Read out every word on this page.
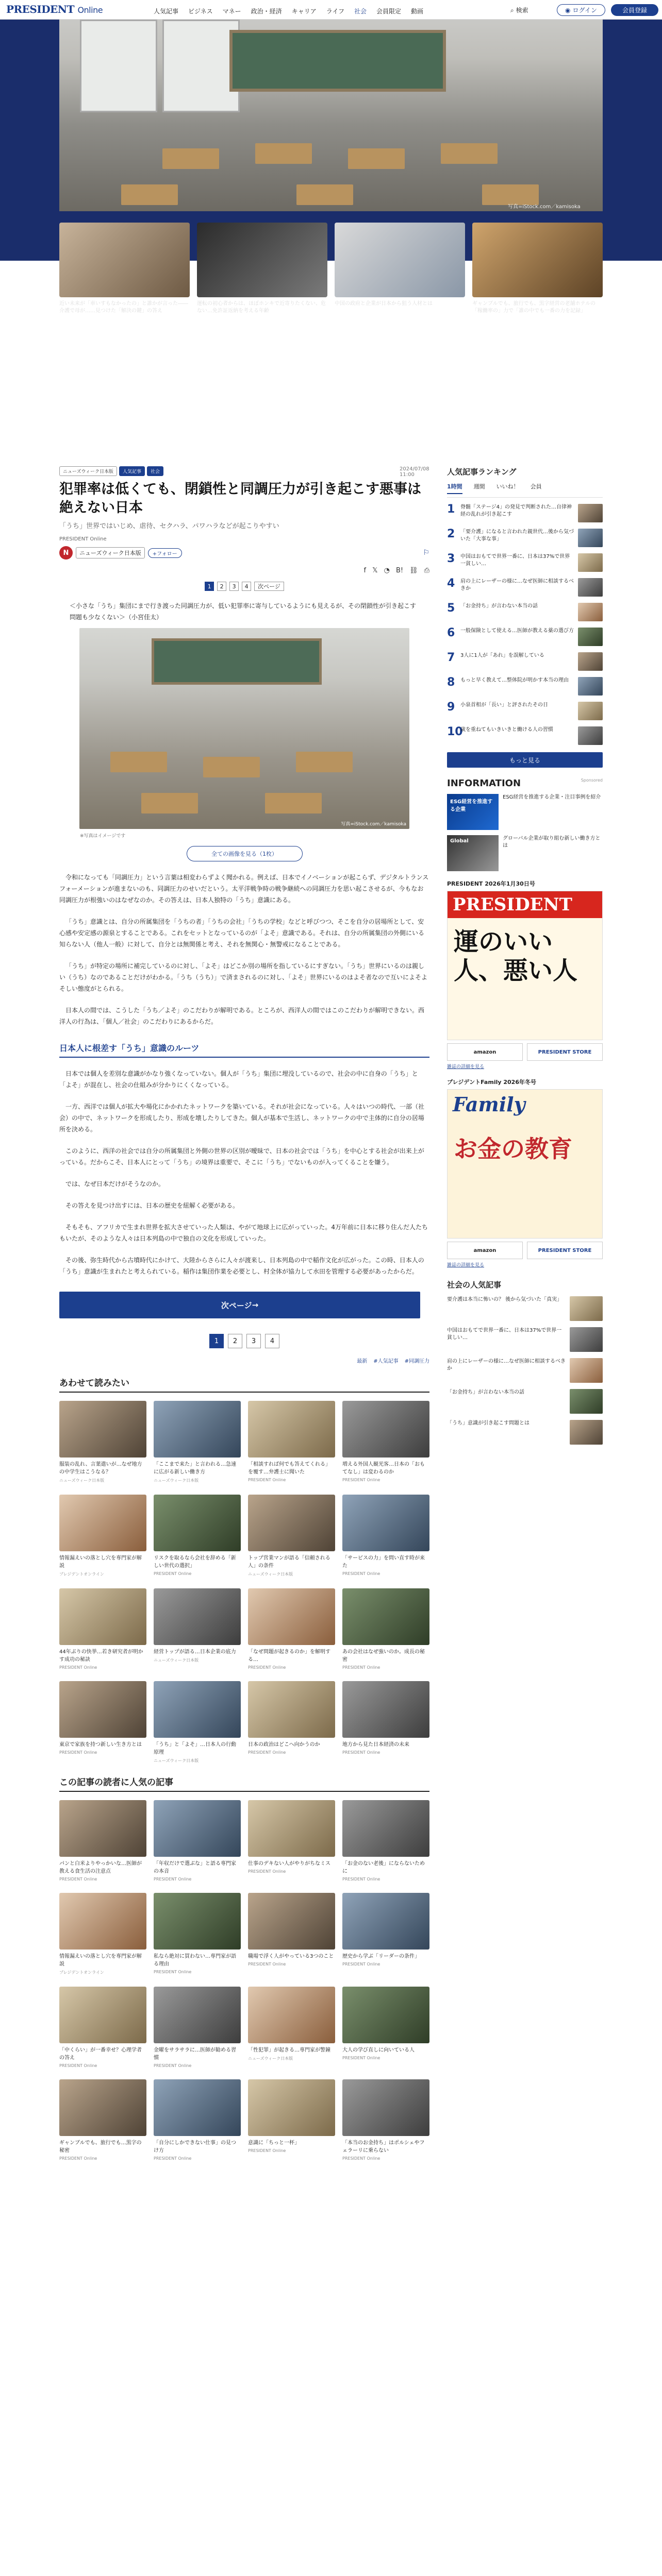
PRESIDENT Online	人気記事 ビジネス マネー 政治・経済 キャリア ライフ 社会 会員限定 動画	⌕ 検索	◉ ログイン	会員登録
写真=iStock.com／kamisoka

近い未来が「車いすもなかったの」と誰かが言った――介護で母が……見つけた「解決の鍵」の答え

運転の初心者からは、ほぼホンキで近寄りたくない、危ない…免許証返納を考える年齢

中国の政府と企業が日本から狙う人材とは	ギャンブルでも、旅行でも、黒字経営の老舗ホテルの「稼働率の」力で「誰の中でも一番の力を記録」

ニューズウィーク日本版	人気記事	社会	2024/07/08 11:00
犯罪率は低くても、閉鎖性と同調圧力が引き起こす悪事は絶えない日本
「うち」世界ではいじめ、虐待、セクハラ、パワハラなどが起こりやすい
PRESIDENT Online
N	ニューズウィーク日本版	+フォロー	⚐
f 𝕏 ◔ B! ⛓ ⎙
1	2	3	4	次ページ

＜小さな「うち」集団にまで行き渡った同調圧力が、低い犯罪率に寄与しているようにも見えるが、その閉鎖性が引き起こす問題も少なくない＞（小宮佳太）

写真=iStock.com／kamisoka
※写真はイメージです
全ての画像を見る（1枚）

令和になっても「同調圧力」という言葉は相変わらずよく聞かれる。例えば、日本でイノベーションが起こらず、デジタルトランスフォーメーションが進まないのも、同調圧力のせいだという。太平洋戦争時の戦争継続への同調圧力を思い起こさせるが、今もなお同調圧力が根強いのはなぜなのか。その答えは、日本人独特の「うち」意識にある。

「うち」意識とは、自分の所属集団を「うちの者」「うちの会社」「うちの学校」などと呼びつつ、そこを自分の居場所として、安心感や安定感の源泉とすることである。これをセットとなっているのが「よそ」意識である。それは、自分の所属集団の外側にいる知らない人（他人一般）に対して、自分とは無関係と考え、それを無関心・無警戒になることである。

「うち」が特定の場所に補完しているのに対し、「よそ」はどこか別の場所を指しているにすぎない。「うち」世界にいるのは親しい（うち）なのであることだけがわかる。「うち（うち）」で済まされるのに対し、「よそ」世界にいるのはよそ者なので互いによそよそしい態度がとられる。

日本人の間では、こうした「うち／よそ」のこだわりが解明である。ところが、西洋人の間ではこのこだわりが解明できない。西洋人の行為は、「個人／社会」のこだわりにあるからだ。

日本人に根差す「うち」意識のルーツ

日本では個人を差別な意識がかなり強くなっていない。個人が「うち」集団に埋没しているので、社会の中に自身の「うち」と「よそ」が混在し、社会の仕組みが分かりにくくなっている。

一方、西洋では個人が拡大や場化にかかれたネットワークを築いている。それが社会になっている。人々はいつの時代、一部（社会）の中で、ネットワークを形成したり、形成を壊したりしてきた。個人が基本で生活し、ネットワークの中で主体的に自分の居場所を決める。

このように、西洋の社会では自分の所属集団と外側の世界の区別が曖昧で、日本の社会では「うち」を中心とする社会が出来上がっている。だからこそ、日本人にとって「うち」の境界は重要で、そこに「うち」でないものが入ってくることを嫌う。

では、なぜ日本だけがそうなのか。

その答えを見つけ出すには、日本の歴史を紐解く必要がある。

そもそも、アフリカで生まれ世界を拡大させていった人類は、やがて地球上に広がっていった。4万年前に日本に移り住んだ人たちもいたが、そのような人々は日本列島の中で独自の文化を形成していった。

その後、弥生時代から古墳時代にかけて、大陸からさらに人々が渡来し、日本列島の中で稲作文化が広がった。この時、日本人の「うち」意識が生まれたと考えられている。稲作は集団作業を必要とし、村全体が協力して水田を管理する必要があったからだ。

次ページ →
1	2	3	4
最新 #人気記事 #同調圧力
あわせて読みたい

服装の乱れ、言葉遣いが…なぜ地方の中学生はこうなる？

ニューズウィーク日本版

「ここまで来た」と言われる…急速に広がる新しい働き方

ニューズウィーク日本版

「相談すれば何でも答えてくれる」を覆す…弁護士に聞いた

PRESIDENT Online

増える外国人観光客…日本の「おもてなし」は変わるのか

PRESIDENT Online

情報漏えいの落とし穴を専門家が解説

プレジデントオンライン

リスクを取るなら会社を辞める「新しい世代の選択」

PRESIDENT Online

トップ営業マンが語る「信頼される人」の条件

ニューズウィーク日本版

「サービスの力」を問い直す時が来た

PRESIDENT Online

44年ぶりの快挙…若き研究者が明かす成功の秘訣

PRESIDENT Online

経営トップが語る…日本企業の底力

ニューズウィーク日本版

「なぜ問題が起きるのか」を解明する…

PRESIDENT Online

あの会社はなぜ強いのか。成長の秘密

PRESIDENT Online

東京で家族を持つ新しい生き方とは

PRESIDENT Online

「うち」と「よそ」…日本人の行動原理

ニューズウィーク日本版

日本の政治はどこへ向かうのか

PRESIDENT Online

地方から見た日本経済の未来

PRESIDENT Online
この記事の読者に人気の記事

パンと白米よりやっかいな…医師が教える食生活の注意点

PRESIDENT Online

「年収だけで選ぶな」と語る専門家の本音

PRESIDENT Online

仕事のデキない人がやりがちなミス

PRESIDENT Online

「お金のない老後」にならないために

PRESIDENT Online

情報漏えいの落とし穴を専門家が解説

プレジデントオンライン

私なら絶対に買わない…専門家が語る理由

PRESIDENT Online

職場で浮く人がやっている3つのこと

PRESIDENT Online

歴史から学ぶ「リーダーの条件」

PRESIDENT Online

「中くらい」が一番幸せ？心理学者の答え

PRESIDENT Online

金曜をサラサラに…医師が勧める習慣

PRESIDENT Online

「性犯罪」が起きる…専門家が警鐘

ニューズウィーク日本版

大人の学び直しに向いている人

PRESIDENT Online

ギャンブルでも、旅行でも…黒字の秘密

PRESIDENT Online

「自分にしかできない仕事」の見つけ方

PRESIDENT Online

意識に「ちっと一杯」

PRESIDENT Online

「本当のお金持ち」はポルシェやフェラーリに乗らない

PRESIDENT Online
人気記事ランキング
1時間 週間 いいね！ 会員
1	脊髄「ステージ4」の発見で判断された…自律神経の乱れが引き起こす

2	「要介護」になると言われた親世代…後から気づいた「大事な事」

3	中国はおもてで世界一番に、日本は37%で世界一貧しい…

4	肩の上にレーザーの様に…なぜ医師に相談するべきか

5	「お金持ち」が言わない本当の話

6	一般保険として使える…医師が教える薬の選び方

7	3人に1人が「あれ」を誤解している

8	もっと早く教えて…整体院が明かす本当の理由

9	小泉首相が「長い」と評されたその日

10

歳を重ねてもいきいきと働ける人の習慣

もっと見る
INFORMATION	Sponsored
ESG経営を推進する企業

ESG経営を推進する企業・注目事例を紹介

Global	グローバル企業が取り組む新しい働き方とは

PRESIDENT 2026年1月30日号
PRESIDENT
運のいい人、悪い人
amazon	PRESIDENT STORE
雑誌の詳細を見る
プレジデントFamily 2026年冬号
Family
お金の教育
amazon	PRESIDENT STORE
雑誌の詳細を見る
社会の人気記事

要介護は本当に怖いの？ 後から気づいた「真実」

中国はおもてで世界一番に、日本は37%で世界一貧しい…

肩の上にレーザーの様に…なぜ医師に相談するべきか

「お金持ち」が言わない本当の話

「うち」意識が引き起こす問題とは
